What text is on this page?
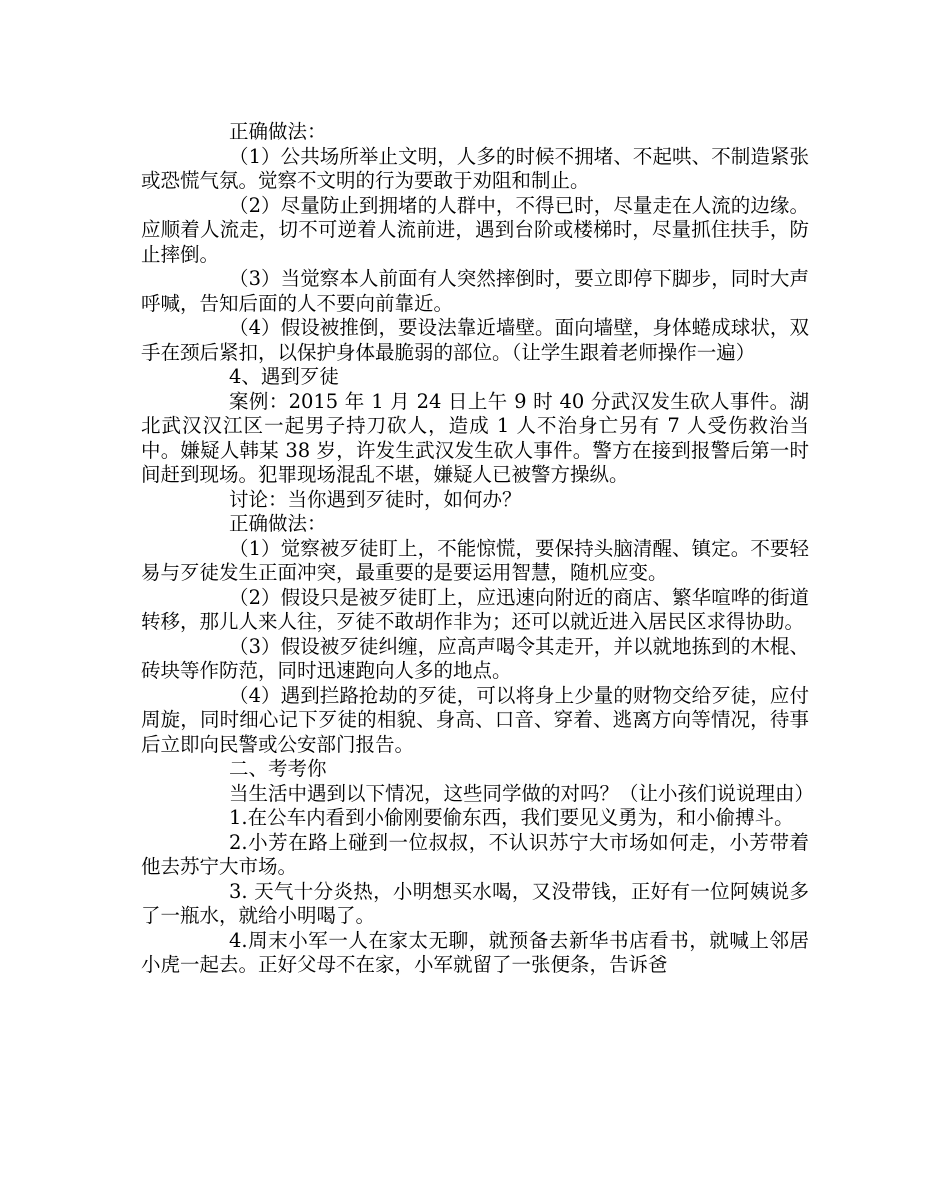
正确做法：

（1）公共场所举止文明，人多的时候不拥堵、不起哄、不制造紧张或恐慌气氛。觉察不文明的行为要敢于劝阻和制止。

（2）尽量防止到拥堵的人群中，不得已时，尽量走在人流的边缘。应顺着人流走，切不可逆着人流前进，遇到台阶或楼梯时，尽量抓住扶手，防止摔倒。

（3）当觉察本人前面有人突然摔倒时，要立即停下脚步，同时大声呼喊，告知后面的人不要向前靠近。

（4）假设被推倒，要设法靠近墙壁。面向墙壁，身体蜷成球状，双手在颈后紧扣，以保护身体最脆弱的部位。（让学生跟着老师操作一遍）

4、遇到歹徒

案例：2015 年 1 月 24 日上午 9 时 40 分武汉发生砍人事件。湖北武汉汉江区一起男子持刀砍人，造成 1 人不治身亡另有 7 人受伤救治当中。嫌疑人韩某 38 岁，许发生武汉发生砍人事件。警方在接到报警后第一时间赶到现场。犯罪现场混乱不堪，嫌疑人已被警方操纵。

讨论：当你遇到歹徒时，如何办？

正确做法：

（1）觉察被歹徒盯上，不能惊慌，要保持头脑清醒、镇定。不要轻易与歹徒发生正面冲突，最重要的是要运用智慧，随机应变。

（2）假设只是被歹徒盯上，应迅速向附近的商店、繁华喧哗的街道转移，那儿人来人往，歹徒不敢胡作非为；还可以就近进入居民区求得协助。

（3）假设被歹徒纠缠，应高声喝令其走开，并以就地拣到的木棍、砖块等作防范，同时迅速跑向人多的地点。

（4）遇到拦路抢劫的歹徒，可以将身上少量的财物交给歹徒，应付周旋，同时细心记下歹徒的相貌、身高、口音、穿着、逃离方向等情况，待事后立即向民警或公安部门报告。

二、考考你

当生活中遇到以下情况，这些同学做的对吗？（让小孩们说说理由）

1.在公车内看到小偷刚要偷东西，我们要见义勇为，和小偷搏斗。

2.小芳在路上碰到一位叔叔，不认识苏宁大市场如何走，小芳带着他去苏宁大市场。

3. 天气十分炎热，小明想买水喝，又没带钱，正好有一位阿姨说多了一瓶水，就给小明喝了。

4.周末小军一人在家太无聊，就预备去新华书店看书，就喊上邻居小虎一起去。正好父母不在家，小军就留了一张便条，告诉爸
